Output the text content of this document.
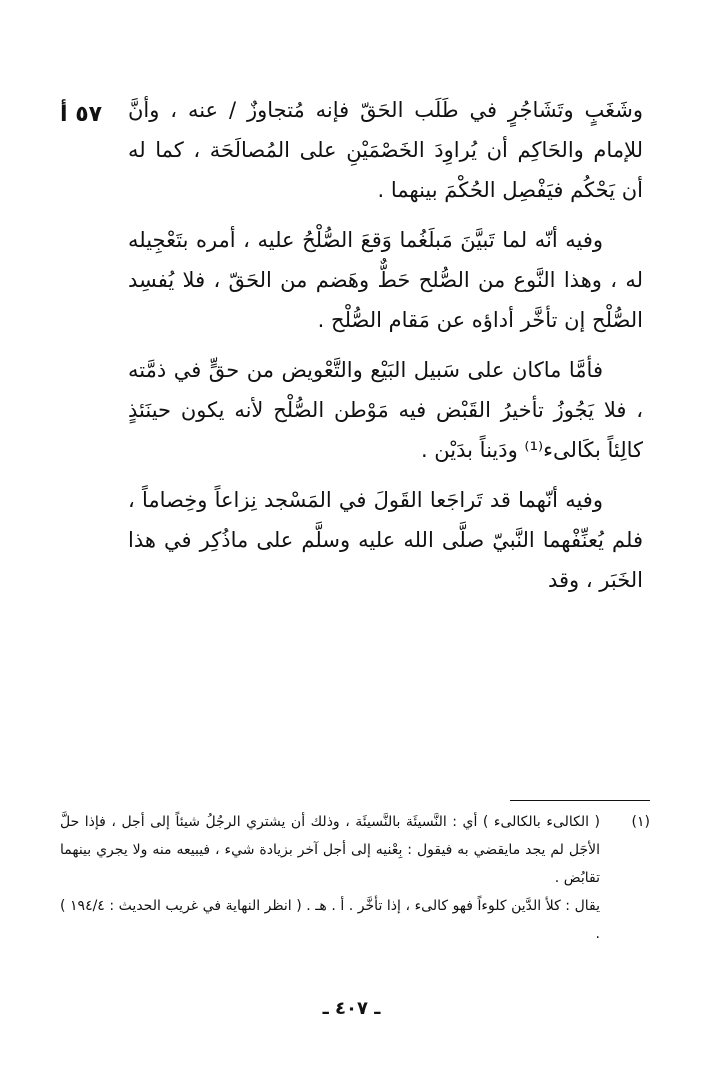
٥٧ أ	وشَغَبٍ وتَشَاجُرٍ في طَلَب الحَقّ فإنه مُتجاوزٌ / عنه ، وأنَّ للإمام والحَاكِم أن يُراوِدَ الخَصْمَيْنِ على المُصالَحَة ، كما له أن يَحْكُم فيَفْصِل الحُكْمَ بينهما .

وفيه أنّه لما تَبيَّنَ مَبلَغُما وَقعَ الصُّلْحُ عليه ، أمره بتَعْجِيله له ، وهذا النَّوع من الصُّلح حَطٌّ وهَضم من الحَقّ ، فلا يُفسِد الصُّلْح إن تأخَّر أداؤه عن مَقام الصُّلْح .

فأمَّا ماكان على سَبيل البَيْع والتَّعْويض من حقٍّ في ذمَّته ، فلا يَجُوزُ تأخيرُ القَبْض فيه مَوْطن الصُّلْح لأنه يكون حينَئذٍ كالِئاً بكَالىء⁽¹⁾ ودَيناً بدَيْن .

وفيه أنّهما قد تَراجَعا القَولَ في المَسْجد نِزاعاً وخِصاماً ، فلم يُعنِّفْهما النَّبيّ صلَّى الله عليه وسلَّم على ماذُكِر في هذا الخَبَر ، وقد

(١)

( الكالىء بالكالىء ) أي : النَّسيئَة بالنَّسيئَة ، وذلك أن يشتري الرجُلُ شيئاً إلى أجل ، فإذا حلَّ الأجَل لم يجد مايقضي به فيقول : بِعْنيه إلى أجل آخر بزيادة شيء ، فيبيعه منه ولا يجري بينهما تقابُض .

يقال : كلأ الدَّين كلوءاً فهو كالىء ، إذا تأخَّر . أ . هـ . ( انظر النهاية في غريب الحديث : ١٩٤/٤ ) .

ـ ٤٠٧ ـ
